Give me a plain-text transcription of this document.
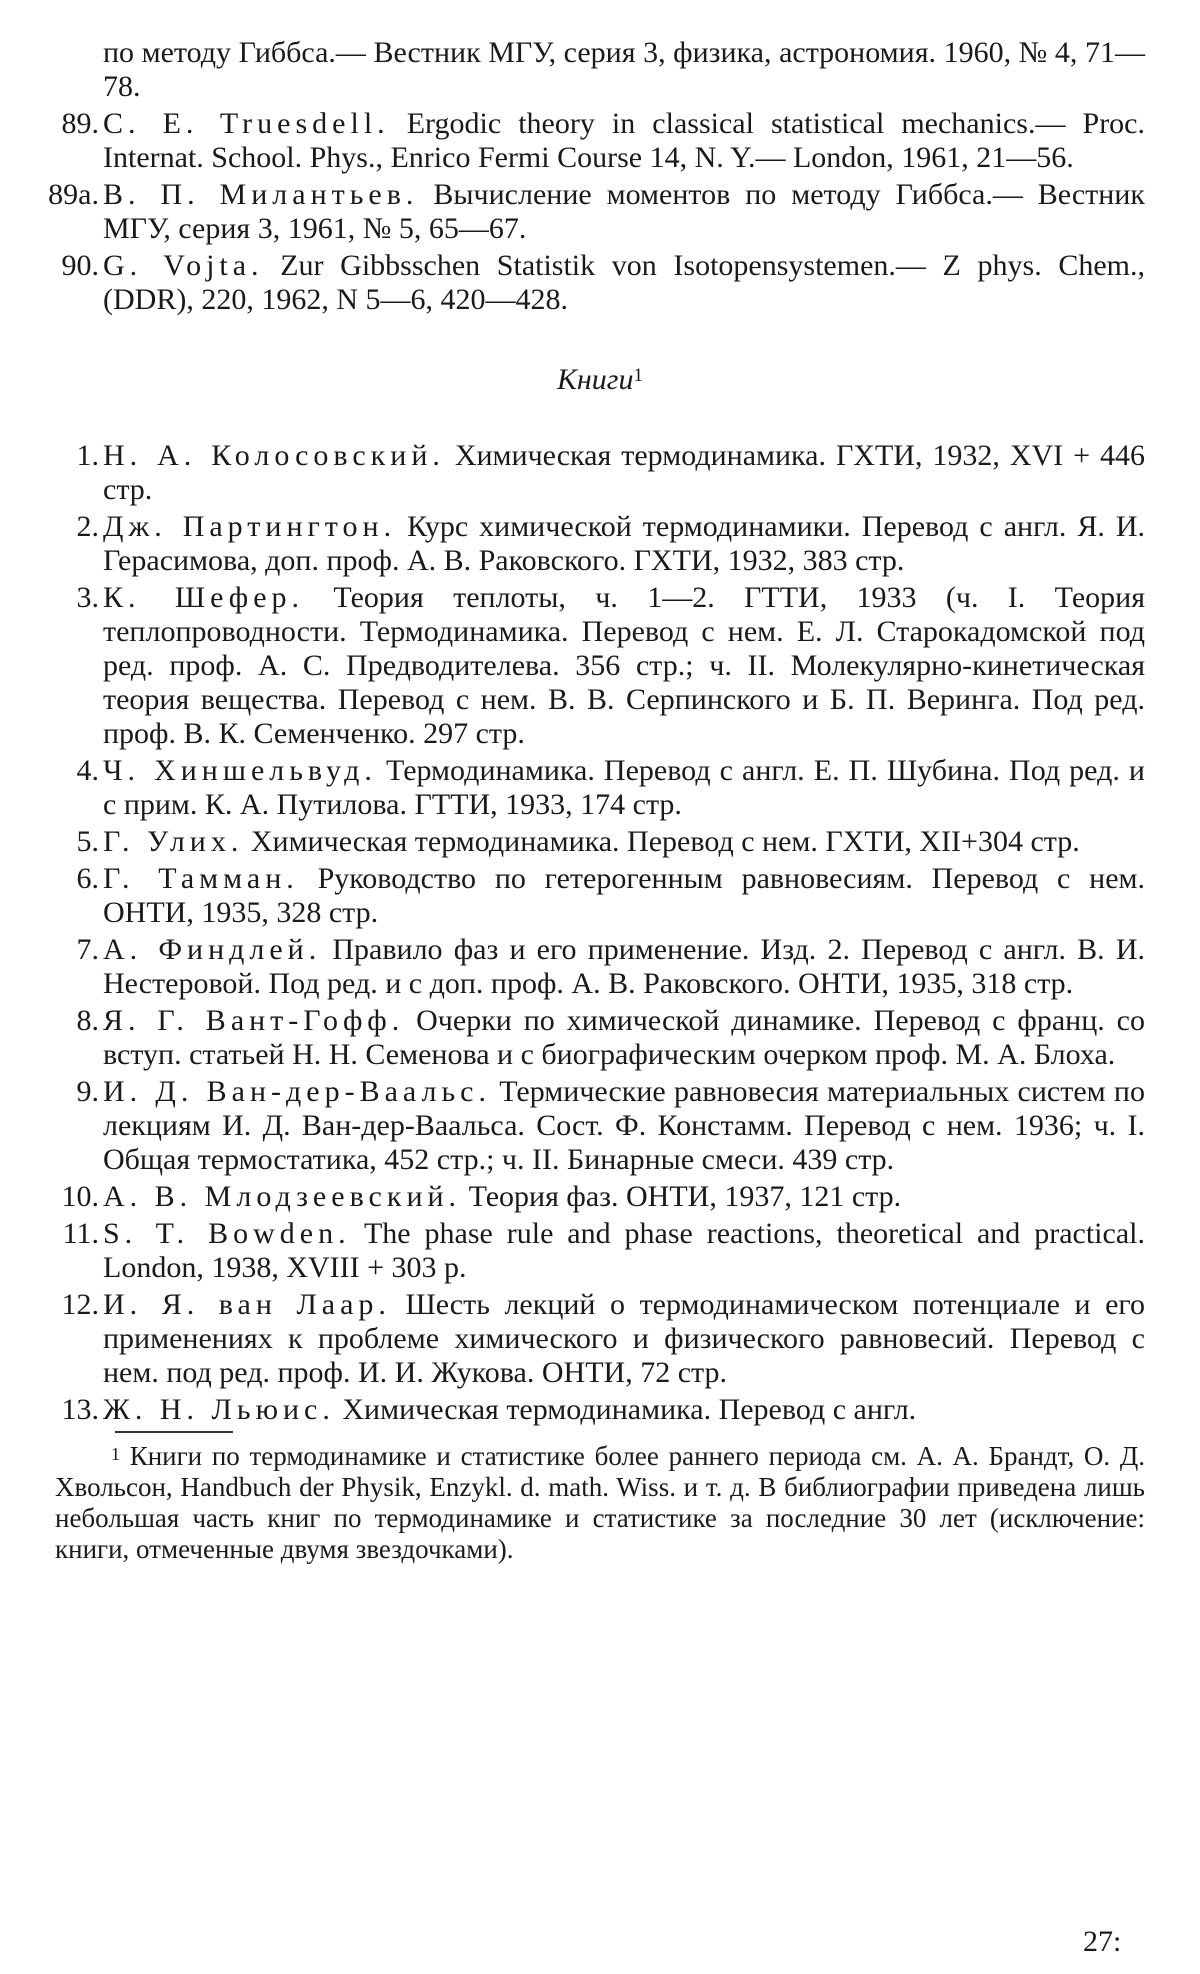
по методу Гиббса.— Вестник МГУ, серия 3, физика, астрономия. 1960, № 4, 71—78.
89. C. E. Truesdell. Ergodic theory in classical statistical mechanics.— Proc. Internat. School. Phys., Enrico Fermi Course 14, N. Y.— London, 1961, 21—56.
89a. В. П. Милантьев. Вычисление моментов по методу Гиббса.— Вестник МГУ, серия 3, 1961, № 5, 65—67.
90. G. Vojta. Zur Gibbsschen Statistik von Isotopensystemen.— Z phys. Chem., (DDR), 220, 1962, N 5—6, 420—428.
Книги$^1$
1. Н. А. Колосовский. Химическая термодинамика. ГХТИ, 1932, XVI + 446 стр.
2. Дж. Партингтон. Курс химической термодинамики. Перевод с англ. Я. И. Герасимова, доп. проф. А. В. Раковского. ГХТИ, 1932, 383 стр.
3. К. Шефер. Теория теплоты, ч. 1—2. ГТТИ, 1933 (ч. I. Теория теплопроводности. Термодинамика. Перевод с нем. Е. Л. Старокадомской под ред. проф. А. С. Предводителева. 356 стр.; ч. II. Молекулярно-кинетическая теория вещества. Перевод с нем. В. В. Серпинского и Б. П. Веринга. Под ред. проф. В. К. Семенченко. 297 стр.
4. Ч. Хиншельвуд. Термодинамика. Перевод с англ. Е. П. Шубина. Под ред. и с прим. К. А. Путилова. ГТТИ, 1933, 174 стр.
5. Г. Улих. Химическая термодинамика. Перевод с нем. ГХТИ, XII+304 стр.
6. Г. Тамман. Руководство по гетерогенным равновесиям. Перевод с нем. ОНТИ, 1935, 328 стр.
7. А. Финдлей. Правило фаз и его применение. Изд. 2. Перевод с англ. В. И. Нестеровой. Под ред. и с доп. проф. А. В. Раковского. ОНТИ, 1935, 318 стр.
8. Я. Г. Вант-Гофф. Очерки по химической динамике. Перевод с франц. со вступ. статьей Н. Н. Семенова и с биографическим очерком проф. М. А. Блоха.
9. И. Д. Ван-дер-Ваальс. Термические равновесия материальных систем по лекциям И. Д. Ван-дер-Ваальса. Сост. Ф. Констамм. Перевод с нем. 1936; ч. I. Общая термостатика, 452 стр.; ч. II. Бинарные смеси. 439 стр.
10. А. В. Млодзеевский. Теория фаз. ОНТИ, 1937, 121 стр.
11. S. T. Bowden. The phase rule and phase reactions, theoretical and practical. London, 1938, XVIII + 303 p.
12. И. Я. ван Лаар. Шесть лекций о термодинамическом потенциале и его применениях к проблеме химического и физического равновесий. Перевод с нем. под ред. проф. И. И. Жукова. ОНТИ, 72 стр.
13. Ж. Н. Льюис. Химическая термодинамика. Перевод с англ.
$^1$ Книги по термодинамике и статистике более раннего периода см. А. А. Брандт, О. Д. Хвольсон, Handbuch der Physik, Enzykl. d. math. Wiss. и т. д. В библиографии приведена лишь небольшая часть книг по термодинамике и статистике за последние 30 лет (исключение: книги, отмеченные двумя звездочками).
27:
